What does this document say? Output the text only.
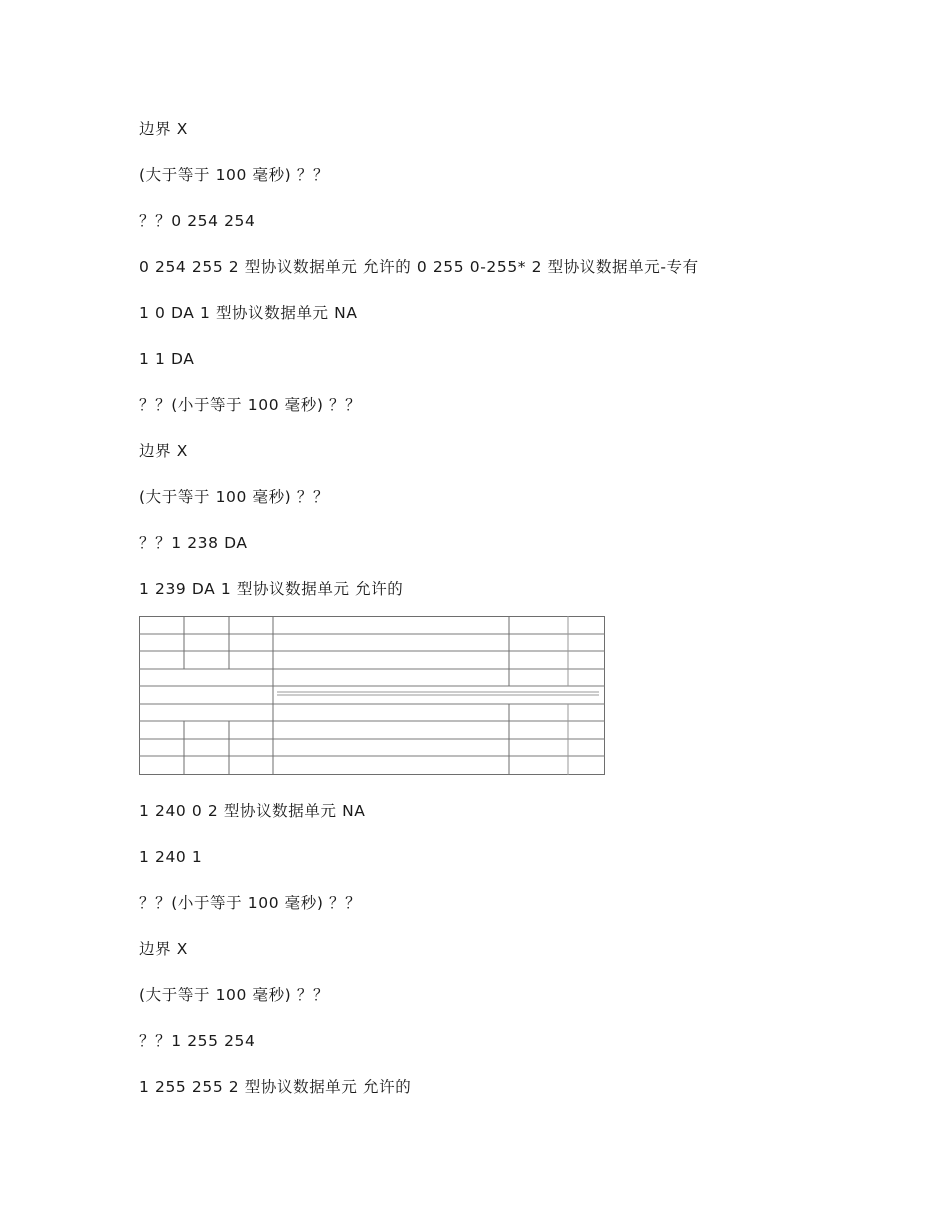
边界 X
(大于等于 100 毫秒) ？？
？？0 254 254
0 254 255 2 型协议数据单元 允许的 0 255 0-255* 2 型协议数据单元-专有
1 0 DA 1 型协议数据单元 NA
1 1 DA
？？(小于等于 100 毫秒) ？？
边界 X
(大于等于 100 毫秒) ？？
？？1 238 DA
1 239 DA 1 型协议数据单元 允许的
1 240 0 2 型协议数据单元 NA
1 240 1
？？(小于等于 100 毫秒) ？？
边界 X
(大于等于 100 毫秒) ？？
？？1 255 254
1 255 255 2 型协议数据单元 允许的
